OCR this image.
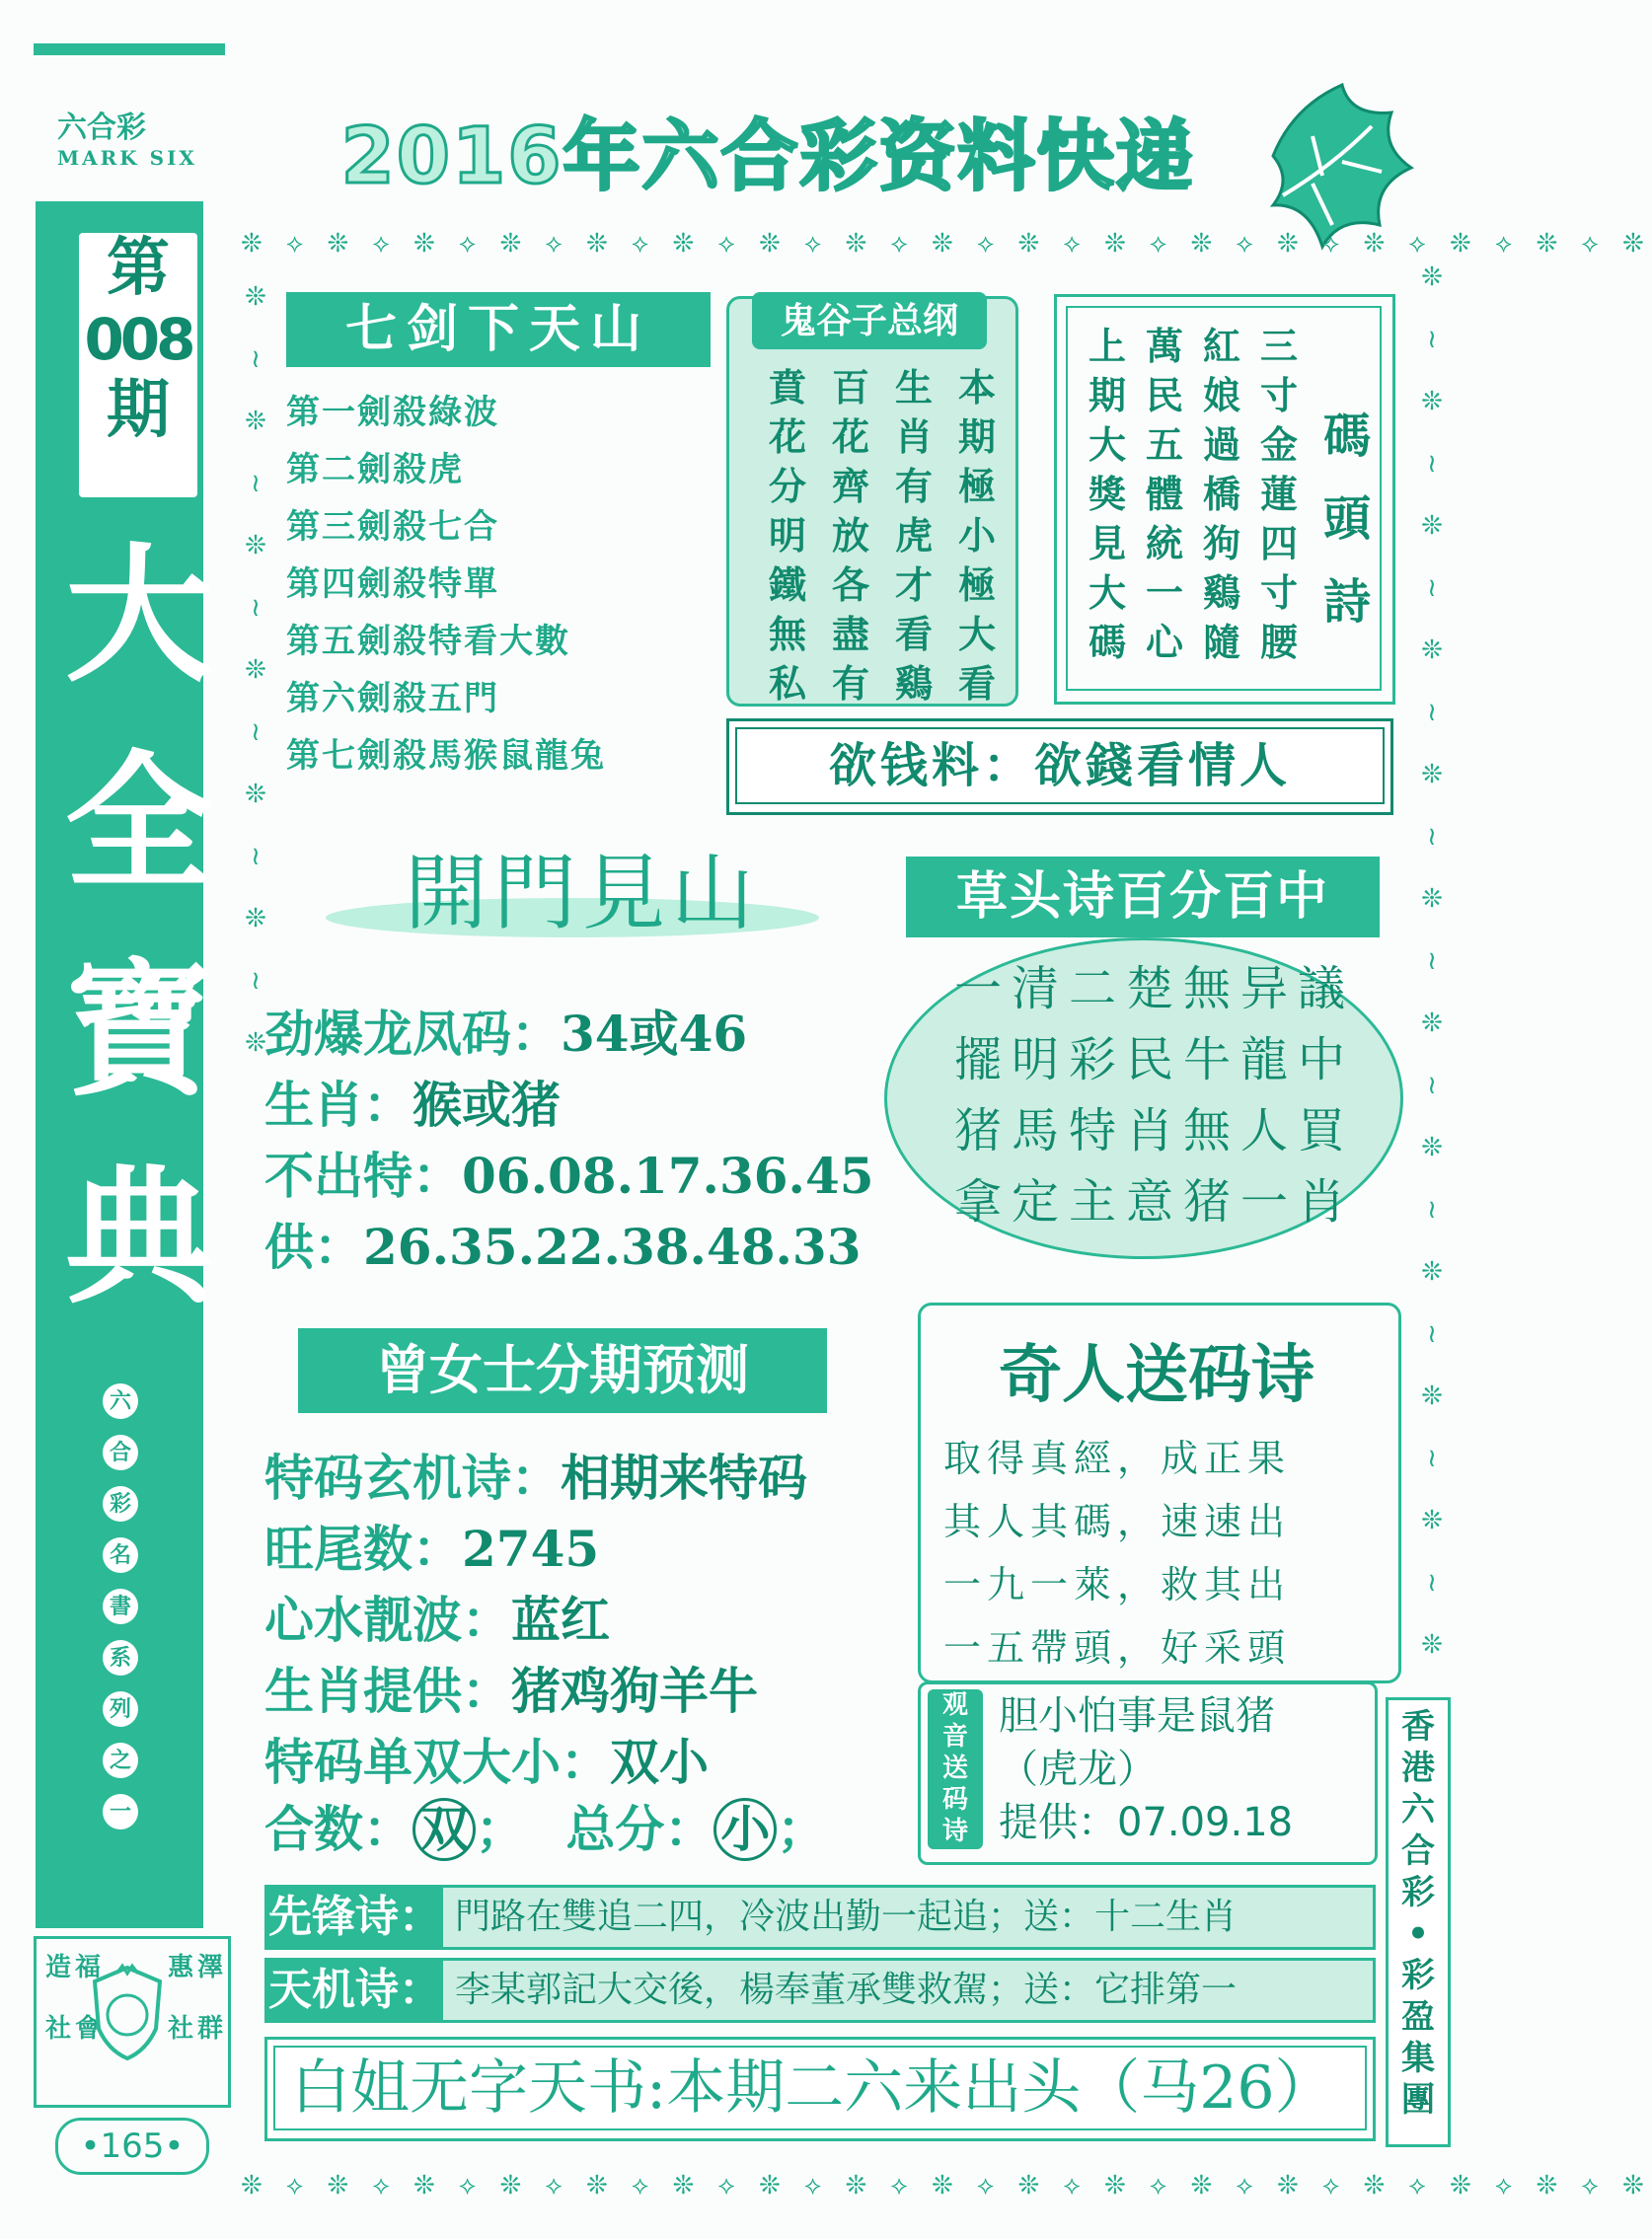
六合彩
MARK SIX
第
008
期
大
全
寶
典
六
合
彩
名
書
系
列
之
一
造 福
社 會
惠 澤
社 群
•165•
2016年六合彩资料快递
❊ ⟡ ❊ ⟡ ❊ ⟡ ❊ ⟡ ❊ ⟡ ❊ ⟡ ❊ ⟡ ❊ ⟡ ❊ ⟡ ❊ ⟡ ❊ ⟡ ❊ ⟡ ❊ ⟡ ❊ ⟡ ❊ ⟡ ❊ ⟡ ❊
❊ ⟡ ❊ ⟡ ❊ ⟡ ❊ ⟡ ❊ ⟡ ❊ ⟡ ❊ ⟡ ❊ ⟡ ❊ ⟡ ❊ ⟡ ❊ ⟡ ❊ ⟡ ❊ ⟡ ❊ ⟡ ❊ ⟡ ❊ ⟡ ❊
❊
≀
❊
≀
❊
≀
❊
≀
❊
≀
❊
≀
❊
❊
≀
❊
≀
❊
≀
❊
≀
❊
≀
❊
≀
❊
≀
❊
≀
❊
≀
❊
≀
❊
≀
❊
七剑下天山
第一劍殺綠波
第二劍殺虎
第三劍殺七合
第四劍殺特單
第五劍殺特看大數
第六劍殺五門
第七劍殺馬猴鼠龍兔
鬼谷子总纲
本期極小極大看
生肖有虎才看鷄
百花齊放各盡有
賁花分明鐵無私
三寸金蓮四寸腰
紅娘過橋狗鷄隨
萬民五體統一心
上期大獎見大碼
碼頭詩
欲钱料：欲錢看情人
開門見山
劲爆龙凤码：34或46
生肖：猴或猪
不出特：06.08.17.36.45
供：26.35.22.38.48.33
草头诗百分百中
一清二楚無异議
擺明彩民牛龍中
猪馬特肖無人買
拿定主意猪一肖
曾女士分期预测
特码玄机诗：相期来特码
旺尾数：2745
心水靓波：蓝红
生肖提供：猪鸡狗羊牛
特码单双大小：双小
合数： 双 ； 总分： 小 ；
奇人送码诗
取得真經，成正果
其人其碼，速速出
一九一萊，救其出
一五帶頭，好采頭
观
音
送
码
诗
胆小怕事是鼠猪
（虎龙）
提供：07.09.18
香
港
六
合
彩
•
彩
盈
集
團
先锋诗： 門路在雙追二四，冷波出勤一起追；送：十二生肖
天机诗： 李某郭記大交後，楊奉董承雙救駕；送：它排第一
白姐无字天书:本期二六来出头（马26）
